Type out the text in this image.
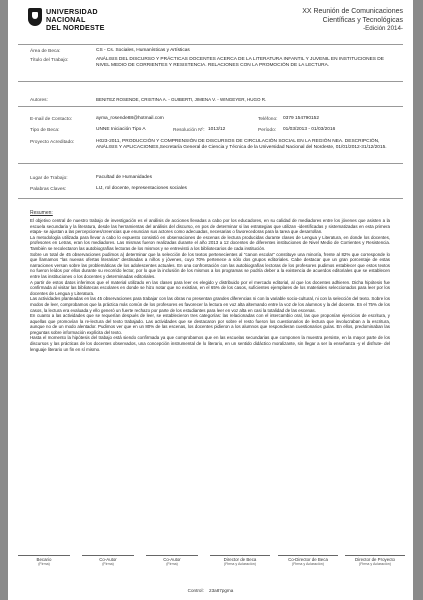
UNIVERSIDAD
NACIONAL
DEL NORDESTE
XX Reunión de Comunicaciones
Científicas y Tecnológicas
-Edición 2014-
Área de Beca:	CS - Cs. Sociales, Humanísticas y Artísticas
Título del Trabajo:	ANÁLISIS DEL DISCURSO Y PRÁCTICAS DOCENTES ACERCA DE LA LITERATURA INFANTIL Y JUVENIL EN INSTITUCIONES DE NIVEL MEDIO DE CORRIENTES Y RESISTENCIA. RELACIONES CON LA PROMOCIÓN DE LA LECTURA.
Autores:	BENITEZ ROSENDE, CRISTINA A. - GUIBERTI, JIMENA V. - WINGEYER, HUGO R.
E-mail de Contacto:	ayma_rosende88@hotmail.com	Teléfono: 0379 154790152
Tipo de Beca:	UNNE Iniciación Tipo A	Resolución Nº: 1013/12	Período: 01/03/2013 - 01/03/2016
Proyecto Acreditado:	H023-2011, PRODUCCIÓN Y COMPRENSIÓN DE DISCURSOS DE CIRCULACIÓN SOCIAL EN LA REGIÓN NEA. DESCRIPCIÓN, ANÁLISIS Y APLICACIONES,Secretaría General de Ciencia y Técnica de la Universidad Nacional del Nordeste, 01/01/2012-31/12/2015.
Lugar de Trabajo:	Facultad de Humanidades
Palabras Claves:	LIJ, rol docente, representaciones sociales
Resumen:

El objetivo central de nuestro trabajo de investigación es el análisis de acciones llevadas a cabo por los educadores, en su calidad de mediadores entre los jóvenes que asisten a la escuela secundaria y la literatura, desde las herramientas del análisis del discurso, en pos de determinar si las estrategias que utilizan -identificadas y sistematizadas en esta primera etapa- se ajustan a las percepciones/creencias que enuncian sus actores como adecuadas, necesarias o favorecedoras para la tarea que desarrollan.

La metodología utilizada para llevar a cabo lo expuesto consistió en observaciones de escenas de lectura producidas durante clases de Lengua y Literatura, en donde los docentes, profesores en Letras, eran los mediadores. Las mismas fueron realizadas durante el año 2013 a 12 docentes de diferentes instituciones de Nivel Medio de Corrientes y Resistencia. También se recolectaron las autobiografías lectoras de los mismos y se entrevistó a los bibliotecarios de cada institución.

Sobre un total de 45 observaciones pudimos a) determinar que la selección de los textos pertenecientes al "canon escolar" constituye una minoría, frente al 82% que corresponde lo que llamamos "las nuevas ofertas literarias" destinadas a niños y jóvenes, cuyo 70% pertenece a sólo dos grupos editoriales. Cabe destacar que un gran porcentaje de estas narraciones versan sobre las problemáticas de los adolescentes actuales. En una confrontación con las autobiografías lectoras de los profesores pudimos establecer que estos textos no fueron leídos por ellos durante su recorrido lector, por lo que la inclusión de los mismos a los programas se podría deber a la existencia de acuerdos editoriales que se establecen entre las instituciones o los docentes y determinadas editoriales.

A partir de estos datos inferimos que el material utilizado en las clases para leer es elegido y distribuido por el mercado editorial, al que los docentes adhieren. Dicha hipótesis fue confirmada al visitar las bibliotecas escolares en donde se hizo notar que no existían, en el 65% de los casos, suficientes ejemplares de los materiales seleccionados para leer por los docentes de Lengua y Literatura.

Las actividades planteadas en las 45 observaciones para trabajar con las obras no presentan grandes diferencias ni con la variable socio-cultural, ni con la selección del texto. Sobre los modos de leer, comprobamos que la práctica más común de los profesores es favorecer la lectura en voz alta alternando entre la voz de los alumnos y la del docente. En el 75% de los casos, la lectura era evaluada y ello generó un fuerte rechazo por parte de los estudiantes para leer en voz alta en casi la totalidad de las escenas.

En cuanto a las actividades que se requerían después de leer, se establecieron tres categorías: las relacionadas con el intercambio oral, las que proponían ejercicios de escritura, y aquellas que promovían la re-lectura del texto trabajado. Las actividades que se destacaron por sobre el resto fueron los cuestionarios de lectura que involucraban a la escritura, aunque no de un modo alentador. Pudimos ver que en un 80% de las escenas, los docentes pidieron a los alumnos que respondieran cuestionarios guías. En ellos, predominaban las preguntas sobre información explícita del texto.

Hasta el momento la hipótesis del trabajo está siendo confirmada ya que comprobamos que en las escuelas secundarias que componen la muestra persiste, en la mayor parte de los discursos y las prácticas de los docentes observados, una concepción instrumental de lo literario, en un sentido didáctico moralizante, sin llegar a ser la enseñanza -y el disfrute- del lenguaje literario un fin en sí mismo.

Becario
(Firma)
Co-Autor
(Firma)
Co-Autor
(Firma)
Director de Beca
(Firma y Aclaración)
Co-Director de Beca
(Firma y Aclaración)
Director de Proyecto
(Firma y Aclaración)
Control: 23a87pgma
